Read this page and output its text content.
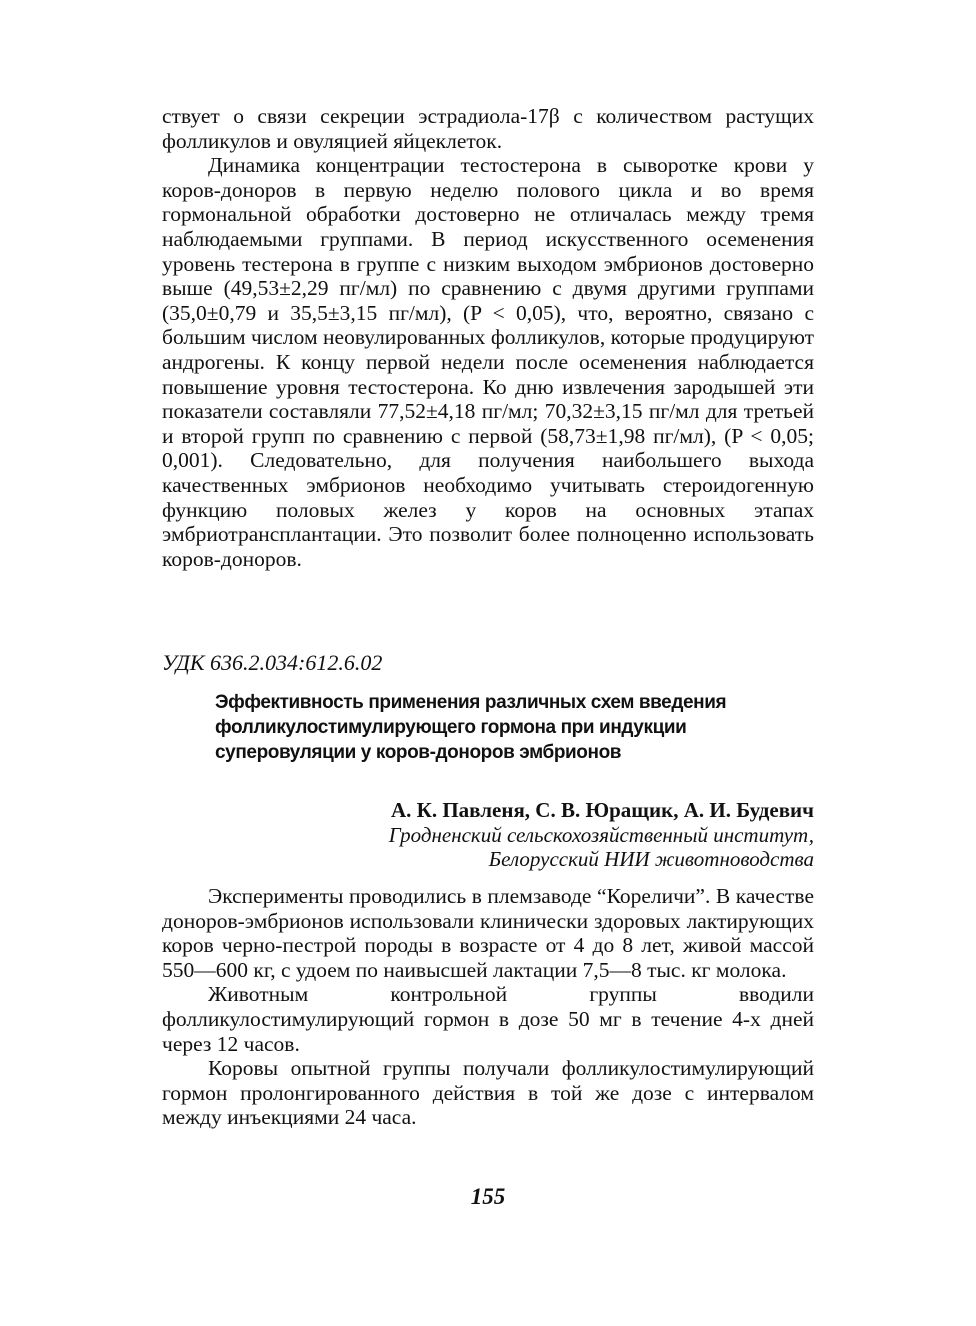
ствует о связи секреции эстрадиола-17β с количеством растущих фолликулов и овуляцией яйцеклеток.

Динамика концентрации тестостерона в сыворотке крови у коров-доноров в первую неделю полового цикла и во время гормональной обработки достоверно не отличалась между тремя наблюдаемыми группами. В период искусственного осеменения уровень тестерона в группе с низким выходом эмбрионов достоверно выше (49,53±2,29 пг/мл) по сравнению с двумя другими группами (35,0±0,79 и 35,5±3,15 пг/мл), (P < 0,05), что, вероятно, связано с большим числом неовулированных фолликулов, которые продуцируют андрогены. К концу первой недели после осеменения наблюдается повышение уровня тестостерона. Ко дню извлечения зародышей эти показатели составляли 77,52±4,18 пг/мл; 70,32±3,15 пг/мл для третьей и второй групп по сравнению с первой (58,73±1,98 пг/мл), (P < 0,05; 0,001). Следовательно, для получения наибольшего выхода качественных эмбрионов необходимо учитывать стероидогенную функцию половых желез у коров на основных этапах эмбриотрансплантации. Это позволит более полноценно использовать коров-доноров.

УДК 636.2.034:612.6.02

Эффективность применения различных схем введения фолликулостимулирующего гормона при индукции суперовуляции у коров-доноров эмбрионов

А. К. Павленя, С. В. Юращик, А. И. Будевич
Гродненский сельскохозяйственный институт,
Белорусский НИИ животноводства

Эксперименты проводились в племзаводе “Кореличи”. В качестве доноров-эмбрионов использовали клинически здоровых лактирующих коров черно-пестрой породы в возрасте от 4 до 8 лет, живой массой 550—600 кг, с удоем по наивысшей лактации 7,5—8 тыс. кг молока.

Животным контрольной группы вводили фолликулостимулирующий гормон в дозе 50 мг в течение 4-х дней через 12 часов.

Коровы опытной группы получали фолликулостимулирующий гормон пролонгированного действия в той же дозе с интервалом между инъекциями 24 часа.

155
